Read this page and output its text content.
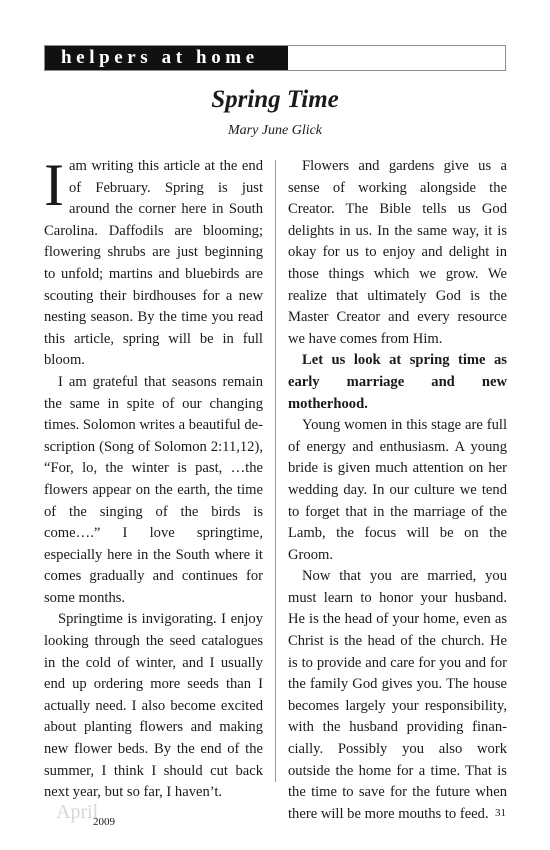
helpers at home
Spring Time
Mary June Glick

Iam writing this article at the end of February. Spring is just around the corner here in South Carolina. Daffodils are blooming; flowering shrubs are just beginning to unfold; martins and bluebirds are scouting their birdhouses for a new nesting season. By the time you read this article, spring will be in full bloom.

I am grateful that seasons remain the same in spite of our changing times. Solomon writes a beautiful description (Song of Solomon 2:11,12), “For, lo, the winter is past, …the flowers appear on the earth, the time of the singing of the birds is come….” I love springtime, especially here in the South where it comes gradually and continues for some months.

Springtime is invigorating. I enjoy looking through the seed catalogues in the cold of winter, and I usually end up ordering more seeds than I actually need. I also become excited about planting flowers and making new flower beds. By the end of the summer, I think I should cut back next year, but so far, I haven’t.

Flowers and gardens give us a sense of working alongside the Creator. The Bible tells us God delights in us. In the same way, it is okay for us to enjoy and delight in those things which we grow. We realize that ultimately God is the Master Creator and every resource we have comes from Him.

Let us look at spring time as early marriage and new motherhood.

Young women in this stage are full of energy and enthusiasm. A young bride is given much attention on her wedding day. In our culture we tend to forget that in the marriage of the Lamb, the focus will be on the Groom.

Now that you are married, you must learn to honor your husband. He is the head of your home, even as Christ is the head of the church. He is to provide and care for you and for the family God gives you. The house becomes largely your responsibility, with the husband providing financially. Possibly you also work outside the home for a time. That is the time to save for the future when there will be more mouths to feed.

April
2009
31
